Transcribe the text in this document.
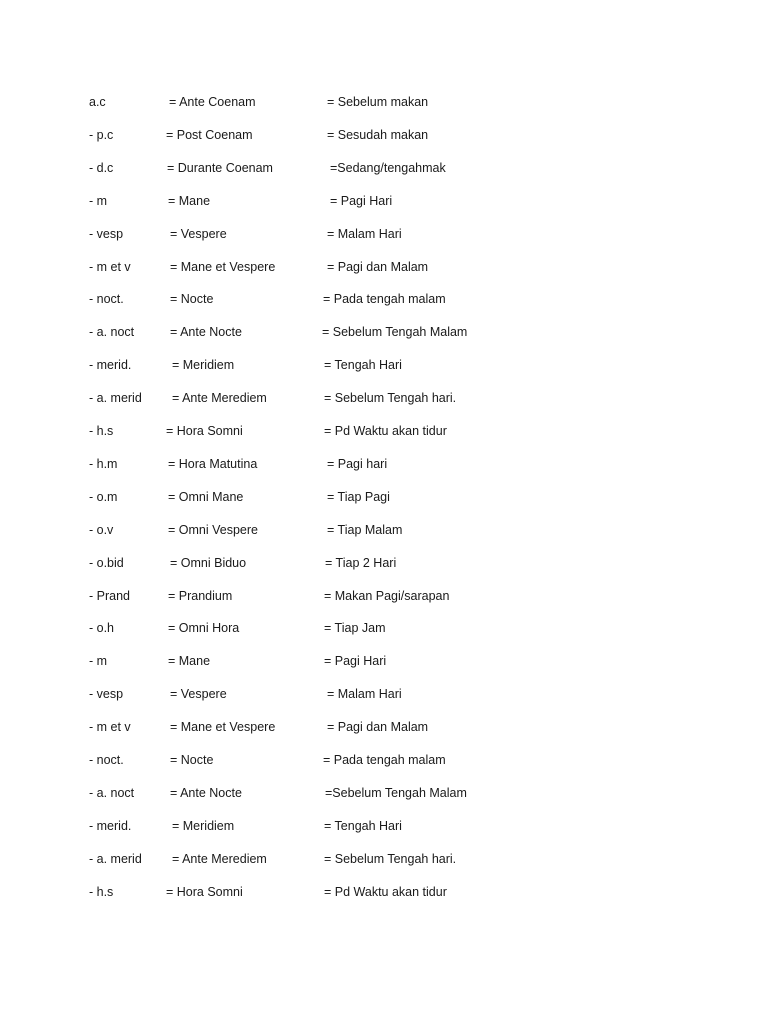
a.c	= Ante Coenam	= Sebelum makan
- p.c	= Post Coenam	= Sesudah makan
- d.c	= Durante Coenam	=Sedang/tengahmak
- m	= Mane	= Pagi Hari
- vesp	= Vespere	= Malam Hari
- m et v	= Mane et Vespere	= Pagi dan Malam
- noct.	= Nocte	= Pada tengah malam
- a. noct	= Ante Nocte	= Sebelum Tengah Malam
- merid.	= Meridiem	= Tengah Hari
- a. merid = Ante Merediem	= Sebelum Tengah hari.
- h.s	= Hora Somni	= Pd Waktu akan tidur
- h.m	= Hora Matutina	= Pagi hari
- o.m	= Omni Mane	= Tiap Pagi
- o.v	= Omni Vespere	= Tiap Malam
- o.bid	= Omni Biduo	= Tiap 2 Hari
- Prand	= Prandium	= Makan Pagi/sarapan
- o.h	= Omni Hora	= Tiap Jam
- m	= Mane	= Pagi Hari
- vesp	= Vespere	= Malam Hari
- m et v	= Mane et Vespere	= Pagi dan Malam
- noct.	= Nocte	= Pada tengah malam
- a. noct	= Ante Nocte	=Sebelum Tengah Malam
- merid.	= Meridiem	= Tengah Hari
- a. merid = Ante Merediem	= Sebelum Tengah hari.
- h.s	= Hora Somni	= Pd Waktu akan tidur
